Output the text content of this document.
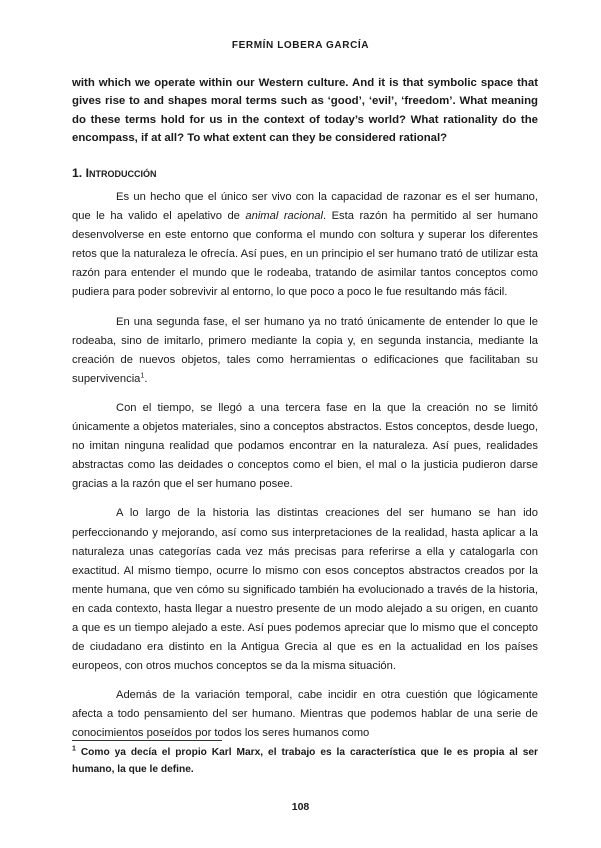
FERMÍN LOBERA GARCÍA
with which we operate within our Western culture. And it is that symbolic space that gives rise to and shapes moral terms such as ‘good’, ‘evil’, ‘freedom’. What meaning do these terms hold for us in the context of today’s world? What rationality do the encompass, if at all? To what extent can they be considered rational?
1. Introducción

Es un hecho que el único ser vivo con la capacidad de razonar es el ser humano, que le ha valido el apelativo de animal racional. Esta razón ha permitido al ser humano desenvolverse en este entorno que conforma el mundo con soltura y superar los diferentes retos que la naturaleza le ofrecía. Así pues, en un principio el ser humano trató de utilizar esta razón para entender el mundo que le rodeaba, tratando de asimilar tantos conceptos como pudiera para poder sobrevivir al entorno, lo que poco a poco le fue resultando más fácil.

En una segunda fase, el ser humano ya no trató únicamente de entender lo que le rodeaba, sino de imitarlo, primero mediante la copia y, en segunda instancia, mediante la creación de nuevos objetos, tales como herramientas o edificaciones que facilitaban su supervivencia$^1$.

Con el tiempo, se llegó a una tercera fase en la que la creación no se limitó únicamente a objetos materiales, sino a conceptos abstractos. Estos conceptos, desde luego, no imitan ninguna realidad que podamos encontrar en la naturaleza. Así pues, realidades abstractas como las deidades o conceptos como el bien, el mal o la justicia pudieron darse gracias a la razón que el ser humano posee.

A lo largo de la historia las distintas creaciones del ser humano se han ido perfeccionando y mejorando, así como sus interpretaciones de la realidad, hasta aplicar a la naturaleza unas categorías cada vez más precisas para referirse a ella y catalogarla con exactitud. Al mismo tiempo, ocurre lo mismo con esos conceptos abstractos creados por la mente humana, que ven cómo su significado también ha evolucionado a través de la historia, en cada contexto, hasta llegar a nuestro presente de un modo alejado a su origen, en cuanto a que es un tiempo alejado a este. Así pues podemos apreciar que lo mismo que el concepto de ciudadano era distinto en la Antigua Grecia al que es en la actualidad en los países europeos, con otros muchos conceptos se da la misma situación.

Además de la variación temporal, cabe incidir en otra cuestión que lógicamente afecta a todo pensamiento del ser humano. Mientras que podemos hablar de una serie de conocimientos poseídos por todos los seres humanos como

$^1$ Como ya decía el propio Karl Marx, el trabajo es la característica que le es propia al ser humano, la que le define.
108
